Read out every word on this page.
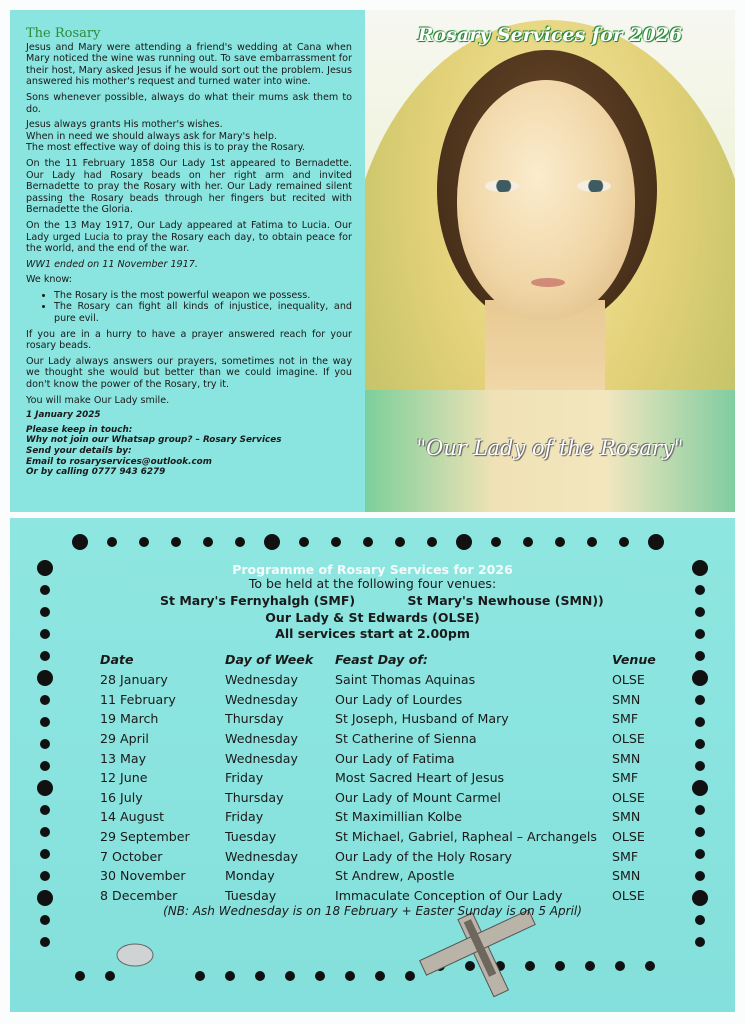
The Rosary

Jesus and Mary were attending a friend's wedding at Cana when Mary noticed the wine was running out. To save embarrassment for their host, Mary asked Jesus if he would sort out the problem. Jesus answered his mother's request and turned water into wine.

Sons whenever possible, always do what their mums ask them to do.

Jesus always grants His mother's wishes.

When in need we should always ask for Mary's help.

The most effective way of doing this is to pray the Rosary.

On the 11 February 1858 Our Lady 1st appeared to Bernadette. Our Lady had Rosary beads on her right arm and invited Bernadette to pray the Rosary with her. Our Lady remained silent passing the Rosary beads through her fingers but recited with Bernadette the Gloria.

On the 13 May 1917, Our Lady appeared at Fatima to Lucia. Our Lady urged Lucia to pray the Rosary each day, to obtain peace for the world, and the end of the war.

WW1 ended on 11 November 1917.

We know:

• The Rosary is the most powerful weapon we possess.
• The Rosary can fight all kinds of injustice, inequality, and pure evil.

If you are in a hurry to have a prayer answered reach for your rosary beads.

Our Lady always answers our prayers, sometimes not in the way we thought she would but better than we could imagine. If you don't know the power of the Rosary, try it.

You will make Our Lady smile.

1 January 2025

Please keep in touch:
Why not join our Whatsap group? – Rosary Services
Send your details by:
Email to rosaryservices@outlook.com
Or by calling 0777 943 6279
Rosary Services for 2026
"Our Lady of the Rosary"
Programme of Rosary Services for 2026
To be held at the following four venues:
St Mary's Fernyhalgh (SMF)	St Mary's Newhouse (SMN))
Our Lady & St Edwards (OLSE)
All services start at 2.00pm
Date	Day of Week	Feast Day of:	Venue
28 January	Wednesday	Saint Thomas Aquinas	OLSE
11 February	Wednesday	Our Lady of Lourdes	SMN
19 March	Thursday	St Joseph, Husband of Mary	SMF
29 April	Wednesday	St Catherine of Sienna	OLSE
13 May	Wednesday	Our Lady of Fatima	SMN
12 June	Friday	Most Sacred Heart of Jesus	SMF
16 July	Thursday	Our Lady of Mount Carmel	OLSE
14 August	Friday	St Maximillian Kolbe	SMN
29 September	Tuesday	St Michael, Gabriel, Rapheal – Archangels	OLSE
7 October	Wednesday	Our Lady of the Holy Rosary	SMF
30 November	Monday	St Andrew, Apostle	SMN
8 December	Tuesday	Immaculate Conception of Our Lady	OLSE
(NB: Ash Wednesday is on 18 February + Easter Sunday is on 5 April)
